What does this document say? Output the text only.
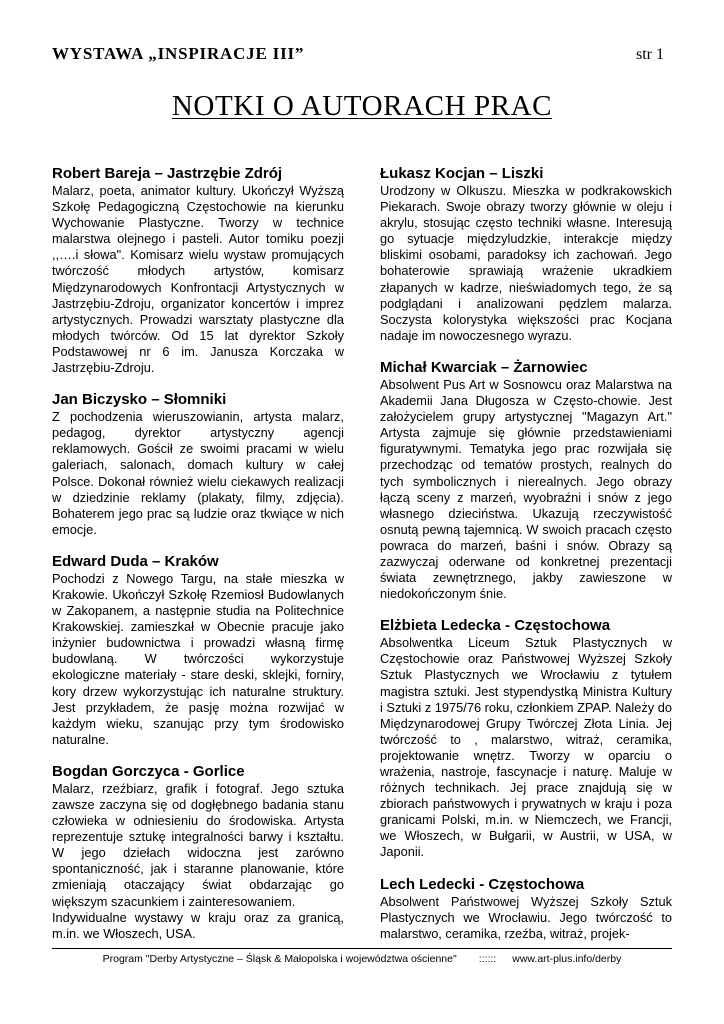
WYSTAWA „INSPIRACJE III”	str 1
NOTKI O AUTORACH PRAC
Robert Bareja – Jastrzębie Zdrój

Malarz, poeta, animator kultury. Ukończył Wyższą Szkołę Pedagogiczną Częstochowie na kierunku Wychowanie Plastyczne. Tworzy w technice malarstwa olejnego i pasteli. Autor tomiku poezji ,,….i słowa". Komisarz wielu wystaw promujących twórczość młodych artystów, komisarz Międzynarodowych Konfrontacji Artystycznych w Jastrzębiu-Zdroju, organizator koncertów i imprez artystycznych. Prowadzi warsztaty plastyczne dla młodych twórców. Od 15 lat dyrektor Szkoły Podstawowej nr 6 im. Janusza Korczaka w Jastrzębiu-Zdroju.

Jan Biczysko – Słomniki

Z pochodzenia wieruszowianin, artysta malarz, pedagog, dyrektor artystyczny agencji reklamowych. Gościł ze swoimi pracami w wielu galeriach, salonach, domach kultury w całej Polsce. Dokonał również wielu ciekawych realizacji w dziedzinie reklamy (plakaty, filmy, zdjęcia). Bohaterem jego prac są ludzie oraz tkwiące w nich emocje.

Edward Duda – Kraków

Pochodzi z Nowego Targu, na stałe mieszka w Krakowie. Ukończył Szkołę Rzemiosł Budowlanych w Zakopanem, a następnie studia na Politechnice Krakowskiej. zamieszkał w Obecnie pracuje jako inżynier budownictwa i prowadzi własną firmę budowlaną. W twórczości wykorzystuje ekologiczne materiały - stare deski, sklejki, forniry, kory drzew wykorzystując ich naturalne struktury. Jest przykładem, że pasję można rozwijać w każdym wieku, szanując przy tym środowisko naturalne.

Bogdan Gorczyca - Gorlice

Malarz, rzeźbiarz, grafik i fotograf. Jego sztuka zawsze zaczyna się od dogłębnego badania stanu człowieka w odniesieniu do środowiska. Artysta reprezentuje sztukę integralności barwy i kształtu. W jego dziełach widoczna jest zarówno spontaniczność, jak i staranne planowanie, które zmieniają otaczający świat obdarzając go większym szacunkiem i zainteresowaniem.

Indywidualne wystawy w kraju oraz za granicą, m.in. we Włoszech, USA.

Łukasz Kocjan – Liszki

Urodzony w Olkuszu. Mieszka w podkrakowskich Piekarach. Swoje obrazy tworzy głównie w oleju i akrylu, stosując często techniki własne. Interesują go sytuacje międzyludzkie, interakcje między bliskimi osobami, paradoksy ich zachowań. Jego bohaterowie sprawiają wrażenie ukradkiem złapanych w kadrze, nieświadomych tego, że są podglądani i analizowani pędzlem malarza. Soczysta kolorystyka większości prac Kocjana nadaje im nowoczesnego wyrazu.

Michał Kwarciak – Żarnowiec

Absolwent Pus Art w Sosnowcu oraz Malarstwa na Akademii Jana Długosza w Często-chowie. Jest założycielem grupy artystycznej "Magazyn Art." Artysta zajmuje się głównie przedstawieniami figuratywnymi. Tematyka jego prac rozwijała się przechodząc od tematów prostych, realnych do tych symbolicznych i nierealnych. Jego obrazy łączą sceny z marzeń, wyobraźni i snów z jego własnego dzieciństwa. Ukazują rzeczywistość osnutą pewną tajemnicą. W swoich pracach często powraca do marzeń, baśni i snów. Obrazy są zazwyczaj oderwane od konkretnej prezentacji świata zewnętrznego, jakby zawieszone w niedokończonym śnie.

Elżbieta Ledecka - Częstochowa

Absolwentka Liceum Sztuk Plastycznych w Częstochowie oraz Państwowej Wyższej Szkoły Sztuk Plastycznych we Wrocławiu z tytułem magistra sztuki. Jest stypendystką Ministra Kultury i Sztuki z 1975/76 roku, członkiem ZPAP. Należy do Międzynarodowej Grupy Twórczej Złota Linia. Jej twórczość to , malarstwo, witraż, ceramika, projektowanie wnętrz. Tworzy w oparciu o wrażenia, nastroje, fascynacje i naturę. Maluje w różnych technikach. Jej prace znajdują się w zbiorach państwowych i prywatnych w kraju i poza granicami Polski, m.in. w Niemczech, we Francji, we Włoszech, w Bułgarii, w Austrii, w USA, w Japonii.

Lech Ledecki - Częstochowa

Absolwent Państwowej Wyższej Szkoły Sztuk Plastycznych we Wrocławiu. Jego twórczość to malarstwo, ceramika, rzeźba, witraż, projek-

Program "Derby Artystyczne – Śląsk & Małopolska i województwa ościenne" :::::: www.art-plus.info/derby
